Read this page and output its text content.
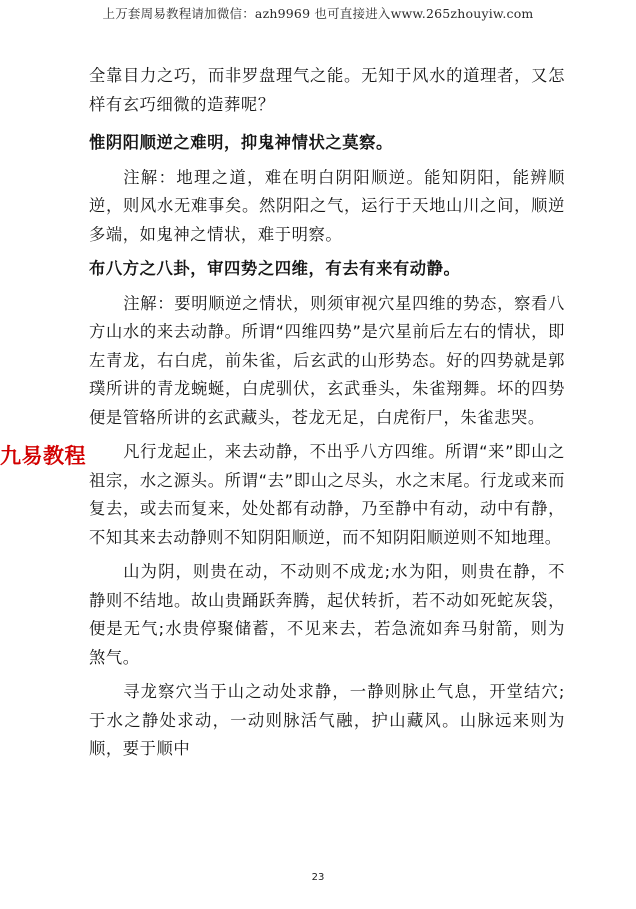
上万套周易教程请加微信：azh9969 也可直接进入www.265zhouyiw.com

全靠目力之巧，而非罗盘理气之能。无知于风水的道理者，又怎样有玄巧细微的造葬呢？

惟阴阳顺逆之难明，抑鬼神情状之莫察。

注解：地理之道，难在明白阴阳顺逆。能知阴阳，能辨顺逆，则风水无难事矣。然阴阳之气，运行于天地山川之间，顺逆多端，如鬼神之情状，难于明察。

布八方之八卦，审四势之四维，有去有来有动静。

注解：要明顺逆之情状，则须审视穴星四维的势态，察看八方山水的来去动静。所谓“四维四势”是穴星前后左右的情状，即左青龙，右白虎，前朱雀，后玄武的山形势态。好的四势就是郭璞所讲的青龙蜿蜒，白虎驯伏，玄武垂头，朱雀翔舞。坏的四势便是管辂所讲的玄武藏头，苍龙无足，白虎衔尸，朱雀悲哭。

凡行龙起止，来去动静，不出乎八方四维。所谓“来”即山之祖宗，水之源头。所谓“去”即山之尽头，水之末尾。行龙或来而复去，或去而复来，处处都有动静，乃至静中有动，动中有静，不知其来去动静则不知阴阳顺逆，而不知阴阳顺逆则不知地理。

山为阴，则贵在动，不动则不成龙;水为阳，则贵在静，不静则不结地。故山贵踊跃奔腾，起伏转折，若不动如死蛇灰袋，便是无气;水贵停聚储蓄，不见来去，若急流如奔马射箭，则为煞气。

寻龙察穴当于山之动处求静，一静则脉止气息，开堂结穴;于水之静处求动，一动则脉活气融，护山藏风。山脉远来则为顺，要于顺中

九易教程
23
